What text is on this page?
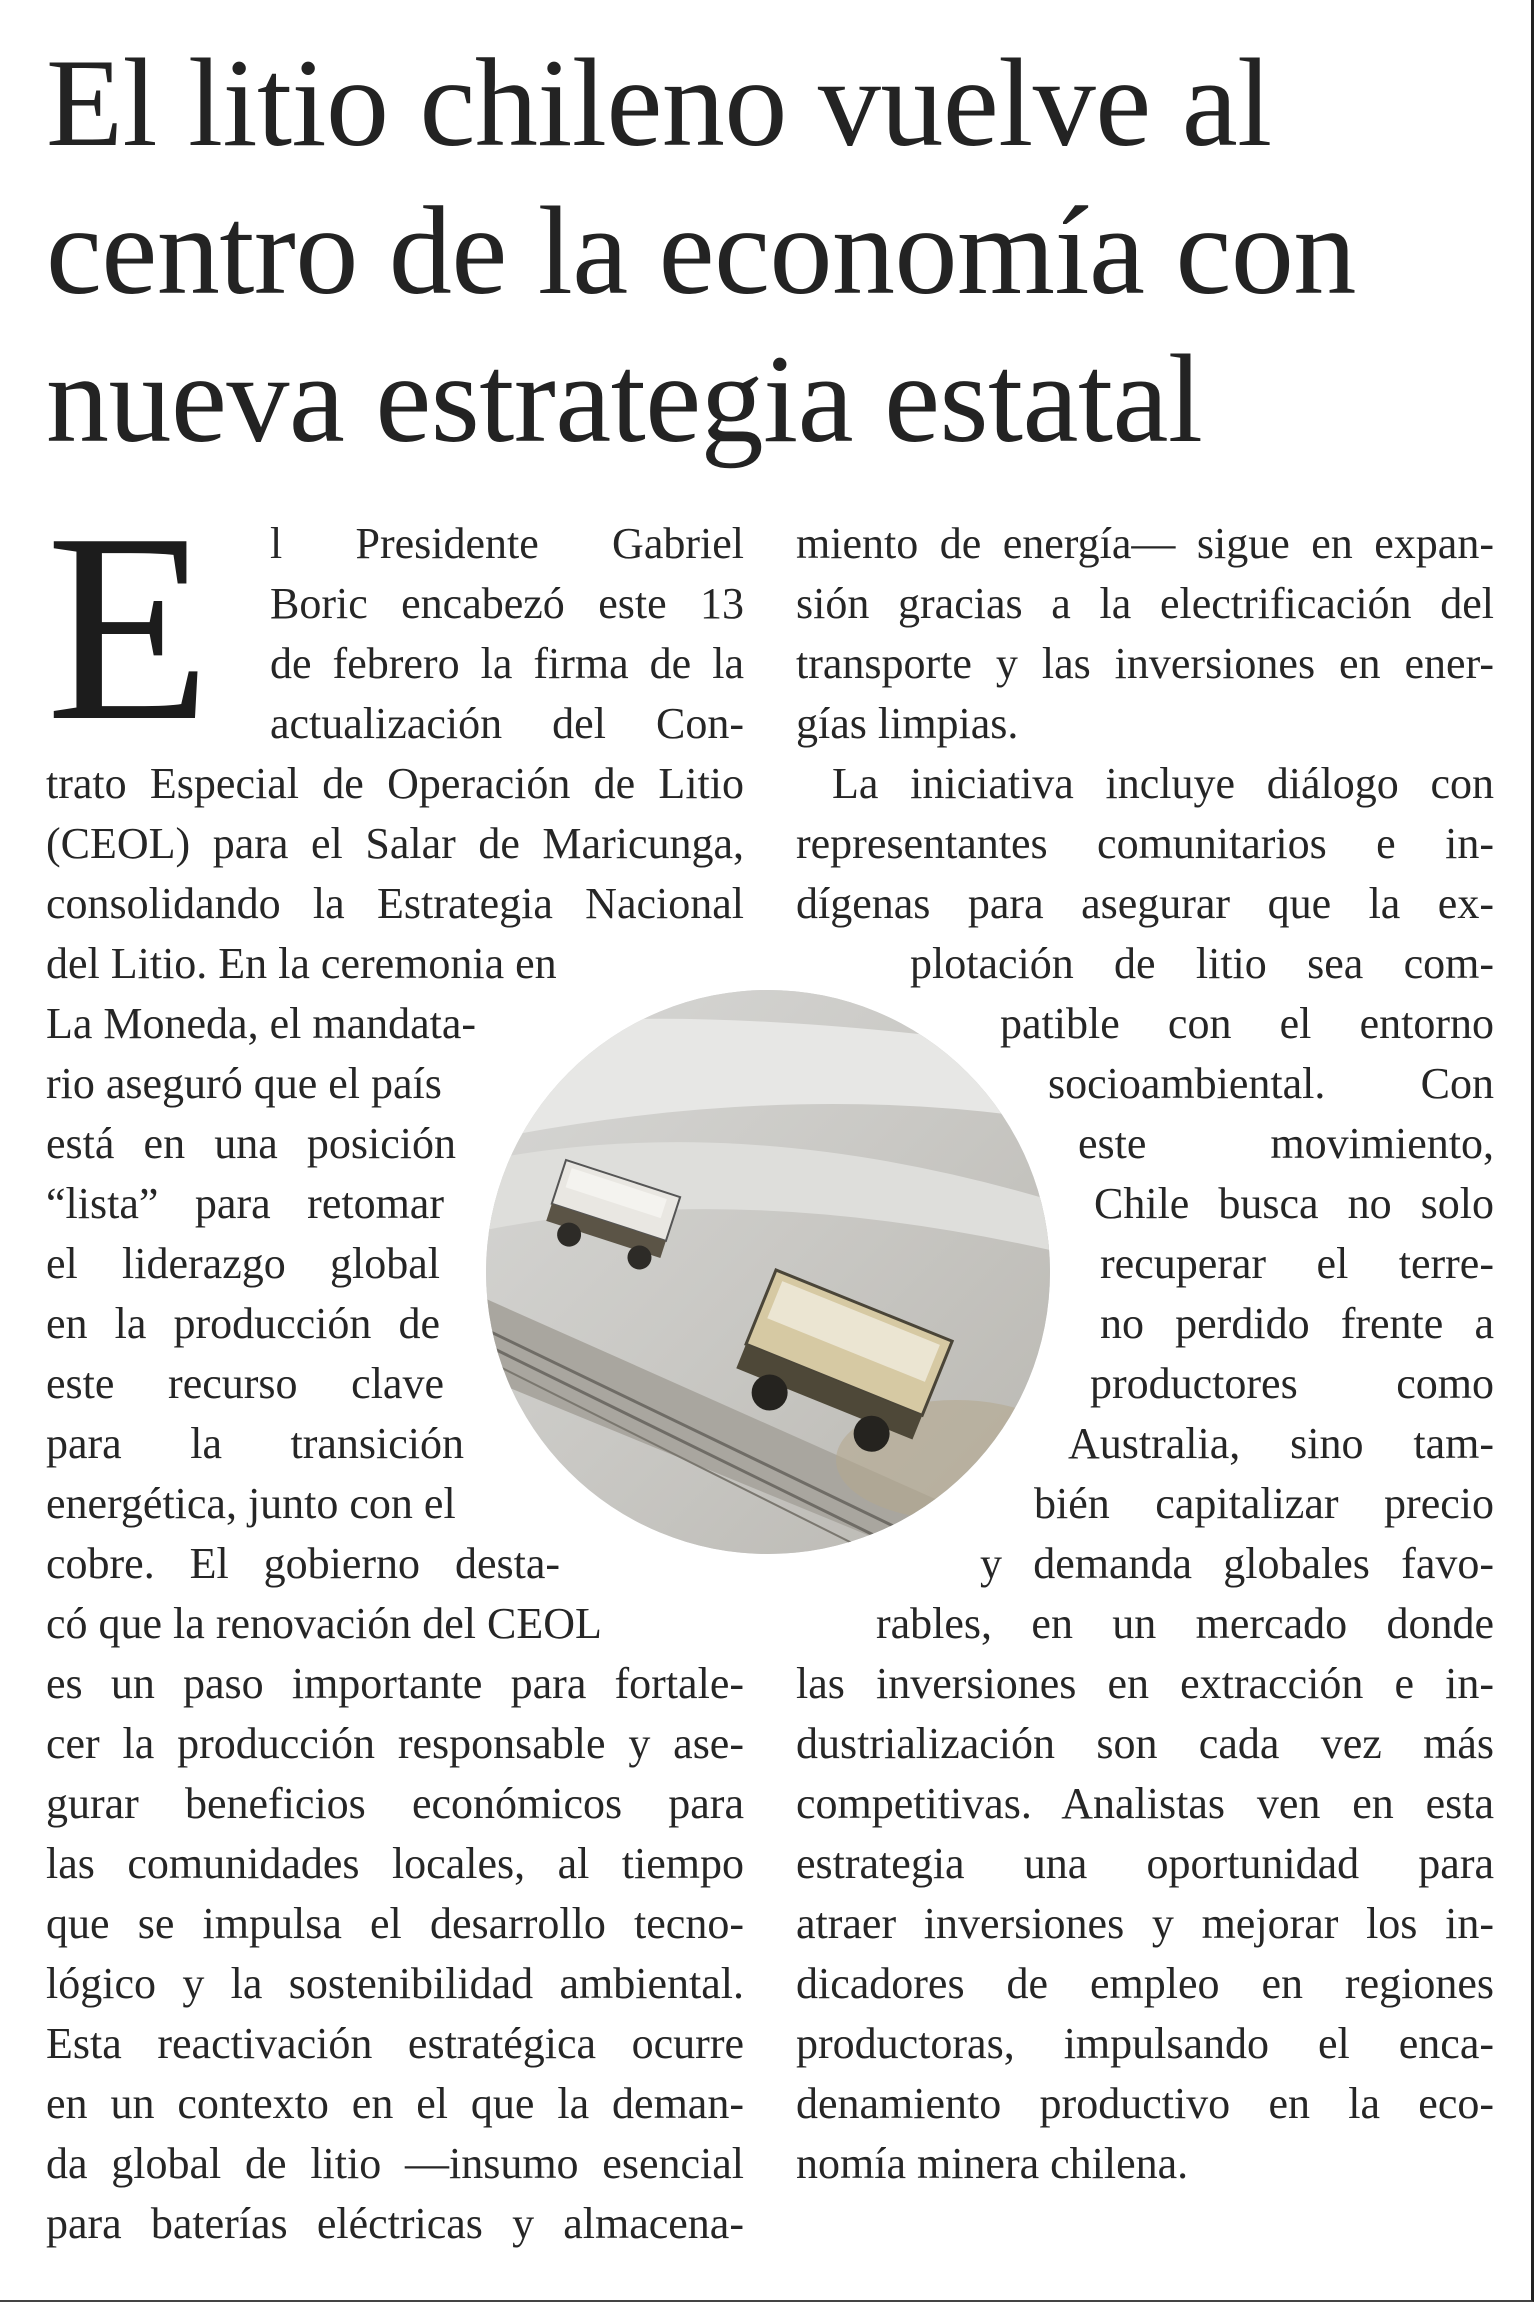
El litio chileno vuelve al centro de la economía con nueva estrategia estatal
E l Presidente Gabriel
Boric encabezó este 13
de febrero la firma de la
actualización del Con-
trato Especial de Operación de Litio
(CEOL) para el Salar de Maricunga,
consolidando la Estrategia Nacional
del Litio. En la ceremonia en
La Moneda, el mandata-
rio aseguró que el país
está en una posición
“lista” para retomar
el liderazgo global
en la producción de
este recurso clave
para la transición
energética, junto con el
cobre. El gobierno desta-
có que la renovación del CEOL
es un paso importante para fortale-
cer la producción responsable y ase-
gurar beneficios económicos para
las comunidades locales, al tiempo
que se impulsa el desarrollo tecno-
lógico y la sostenibilidad ambiental.
Esta reactivación estratégica ocurre
en un contexto en el que la deman-
da global de litio —insumo esencial
para baterías eléctricas y almacena-
miento de energía— sigue en expan-
sión gracias a la electrificación del
transporte y las inversiones en ener-
gías limpias.
La iniciativa incluye diálogo con
representantes comunitarios e in-
dígenas para asegurar que la ex-
plotación de litio sea com-
patible con el entorno
socioambiental. Con
este movimiento,
Chile busca no solo
recuperar el terre-
no perdido frente a
productores como
Australia, sino tam-
bién capitalizar precio
y demanda globales favo-
rables, en un mercado donde
las inversiones en extracción e in-
dustrialización son cada vez más
competitivas. Analistas ven en esta
estrategia una oportunidad para
atraer inversiones y mejorar los in-
dicadores de empleo en regiones
productoras, impulsando el enca-
denamiento productivo en la eco-
nomía minera chilena.
